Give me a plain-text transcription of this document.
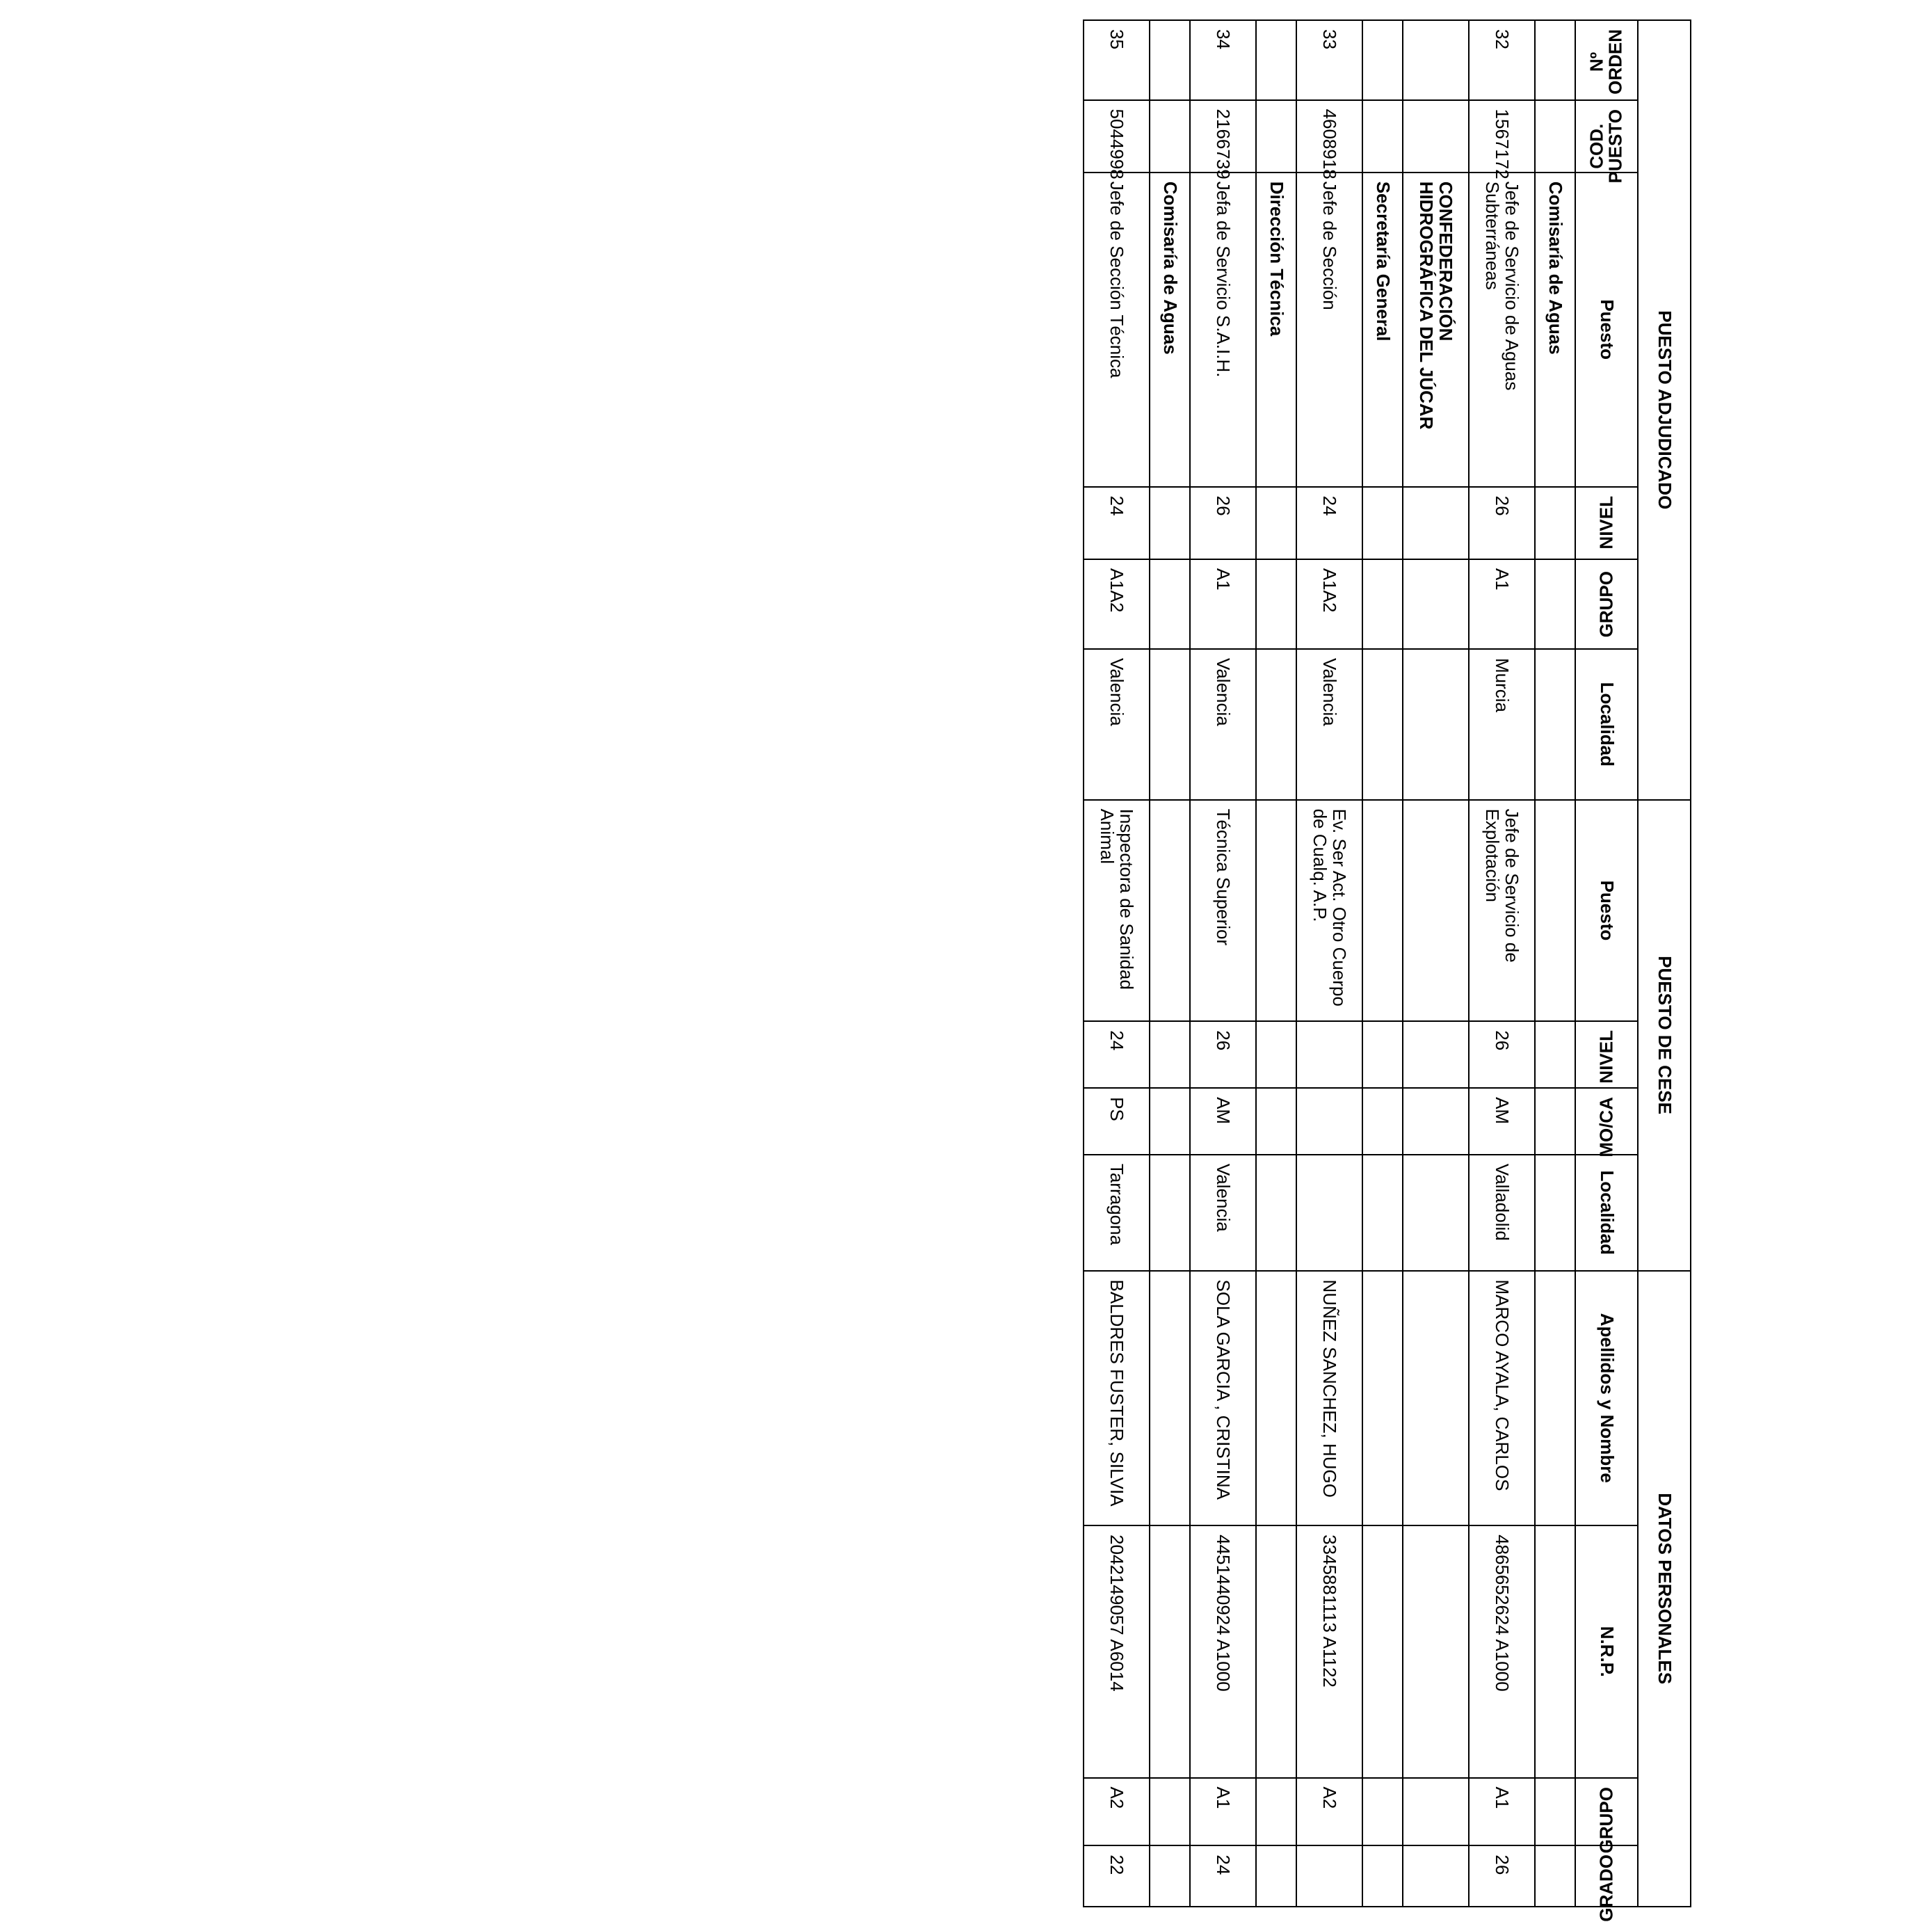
PUESTO ADJUDICADO						PUESTO DE CESE				DATOS PERSONALES			
Nº ORDEN	COD. PUESTO	Puesto	NIVEL	GRUPO	Localidad	Puesto	NIVEL	MO/CA	Localidad	Apellidos y Nombre	N.R.P.	GRUPO	GRADO
		Comisaría de Aguas											
32	1567172	Jefe de Servicio de Aguas Subterráneas	26	A1	Murcia	Jefe de Servicio de Explotación	26	AM	Valladolid	MARCO AYALA, CARLOS	4865652624 A1000	A1	26
		CONFEDERACIÓN HIDROGRÁFICA DEL JÚCAR											
		Secretaría General											
33	4608918	Jefe de Sección	24	A1A2	Valencia	Ev. Ser Act. Otro Cuerpo de Cualq. A.P.				NUÑEZ SANCHEZ, HUGO	3345881113 A1122	A2	
		Dirección Técnica											
34	2166739	Jefa de Servicio S.A.I.H.	26	A1	Valencia	Técnica Superior	26	AM	Valencia	SOLA GARCIA , CRISTINA	4451440924 A1000	A1	24
		Comisaría de Aguas											
35	5044998	Jefe de Sección Técnica	24	A1A2	Valencia	Inspectora de Sanidad Animal	24	PS	Tarragona	BALDRES FUSTER, SILVIA	2042149057 A6014	A2	22
